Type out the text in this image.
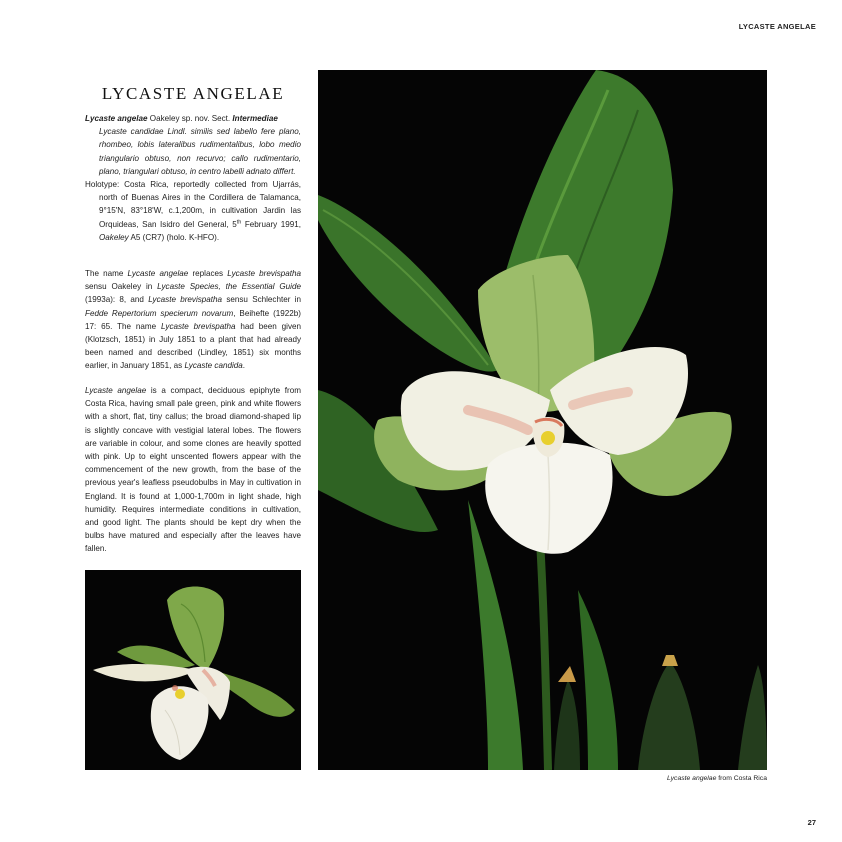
LYCASTE ANGELAE
LYCASTE ANGELAE

Lycaste angelae Oakeley sp. nov. Sect. Intermediae

Lycaste candidae Lindl. similis sed labello fere plano, rhombeo, lobis lateralibus rudimentalibus, lobo medio triangulario obtuso, non recurvo; callo rudimentario, plano, triangulari obtuso, in centro labelli adnato differt.

Holotype: Costa Rica, reportedly collected from Ujarrás, north of Buenas Aires in the Cordillera de Talamanca, 9°15'N, 83°18'W, c.1,200m, in cultivation Jardin las Orquideas, San Isidro del General, 5th February 1991, Oakeley A5 (CR7) (holo. K-HFO).

The name Lycaste angelae replaces Lycaste brevispatha sensu Oakeley in Lycaste Species, the Essential Guide (1993a): 8, and Lycaste brevispatha sensu Schlechter in Fedde Repertorium specierum novarum, Beihefte (1922b) 17: 65. The name Lycaste brevispatha had been given (Klotzsch, 1851) in July 1851 to a plant that had already been named and described (Lindley, 1851) six months earlier, in January 1851, as Lycaste candida.

Lycaste angelae is a compact, deciduous epiphyte from Costa Rica, having small pale green, pink and white flowers with a short, flat, tiny callus; the broad diamond-shaped lip is slightly concave with vestigial lateral lobes. The flowers are variable in colour, and some clones are heavily spotted with pink. Up to eight unscented flowers appear with the commencement of the new growth, from the base of the previous year's leafless pseudobulbs in May in cultivation in England. It is found at 1,000-1,700m in light shade, high humidity. Requires intermediate conditions in cultivation, and good light. The plants should be kept dry when the bulbs have matured and especially after the leaves have fallen.

Lycaste angelae from Costa Rica
27
